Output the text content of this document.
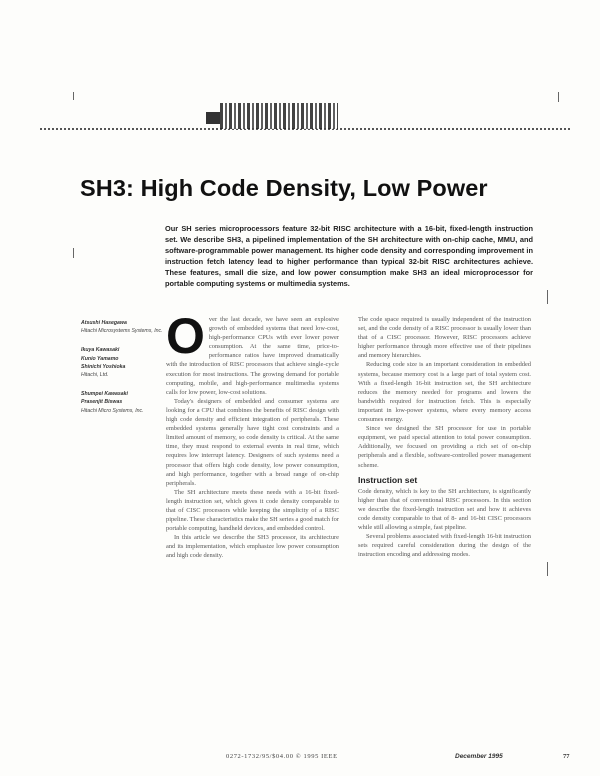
SH3: High Code Density, Low Power
Our SH series microprocessors feature 32-bit RISC architecture with a 16-bit, fixed-length instruction set. We describe SH3, a pipelined implementation of the SH architecture with on-chip cache, MMU, and software-programmable power management. Its higher code density and corresponding improvement in instruction fetch latency lead to higher performance than typical 32-bit RISC architectures achieve. These features, small die size, and low power consumption make SH3 an ideal microprocessor for portable computing systems or multimedia systems.
Atsushi Hasegawa
Hitachi Microsystems Systems, Inc.
Ikuya Kawasaki
Kunio Yamamo
Shinichi Yoshioka
Hitachi, Ltd.
Shumpei Kawasaki
Prasenjit Biswas
Hitachi Micro Systems, Inc.

Over the last decade, we have seen an explosive growth of embedded systems that need low-cost, high-performance CPUs with ever lower power consumption. At the same time, price-to-performance ratios have improved dramatically with the introduction of RISC processors that achieve single-cycle execution for most instructions. The growing demand for portable computing, mobile, and high-performance multimedia systems calls for low power, low-cost solutions.

Today's designers of embedded and consumer systems are looking for a CPU that combines the benefits of RISC design with high code density and efficient integration of peripherals. These embedded systems generally have tight cost constraints and a limited amount of memory, so code density is critical. At the same time, they must respond to external events in real time, which requires low interrupt latency. Designers of such systems need a processor that offers high code density, low power consumption, and high performance, together with a broad range of on-chip peripherals.

The SH architecture meets these needs with a 16-bit fixed-length instruction set, which gives it code density comparable to that of CISC processors while keeping the simplicity of a RISC pipeline. These characteristics make the SH series a good match for portable computing, handheld devices, and embedded control.

In this article we describe the SH3 processor, its architecture and its implementation, which emphasize low power consumption and high code density.

The code space required is usually independent of the instruction set, and the code density of a RISC processor is usually lower than that of a CISC processor. However, RISC processors achieve higher performance through more effective use of their pipelines and memory hierarchies.

Reducing code size is an important consideration in embedded systems, because memory cost is a large part of total system cost. With a fixed-length 16-bit instruction set, the SH architecture reduces the memory needed for programs and lowers the bandwidth required for instruction fetch. This is especially important in low-power systems, where every memory access consumes energy.

Since we designed the SH processor for use in portable equipment, we paid special attention to total power consumption. Additionally, we focused on providing a rich set of on-chip peripherals and a flexible, software-controlled power management scheme.

Instruction set

Code density, which is key to the SH architecture, is significantly higher than that of conventional RISC processors. In this section we describe the fixed-length instruction set and how it achieves code density comparable to that of 8- and 16-bit CISC processors while still allowing a simple, fast pipeline.

Several problems associated with fixed-length 16-bit instruction sets required careful consideration during the design of the instruction encoding and addressing modes.

0272-1732/95/$04.00 © 1995 IEEE	December 1995	77
